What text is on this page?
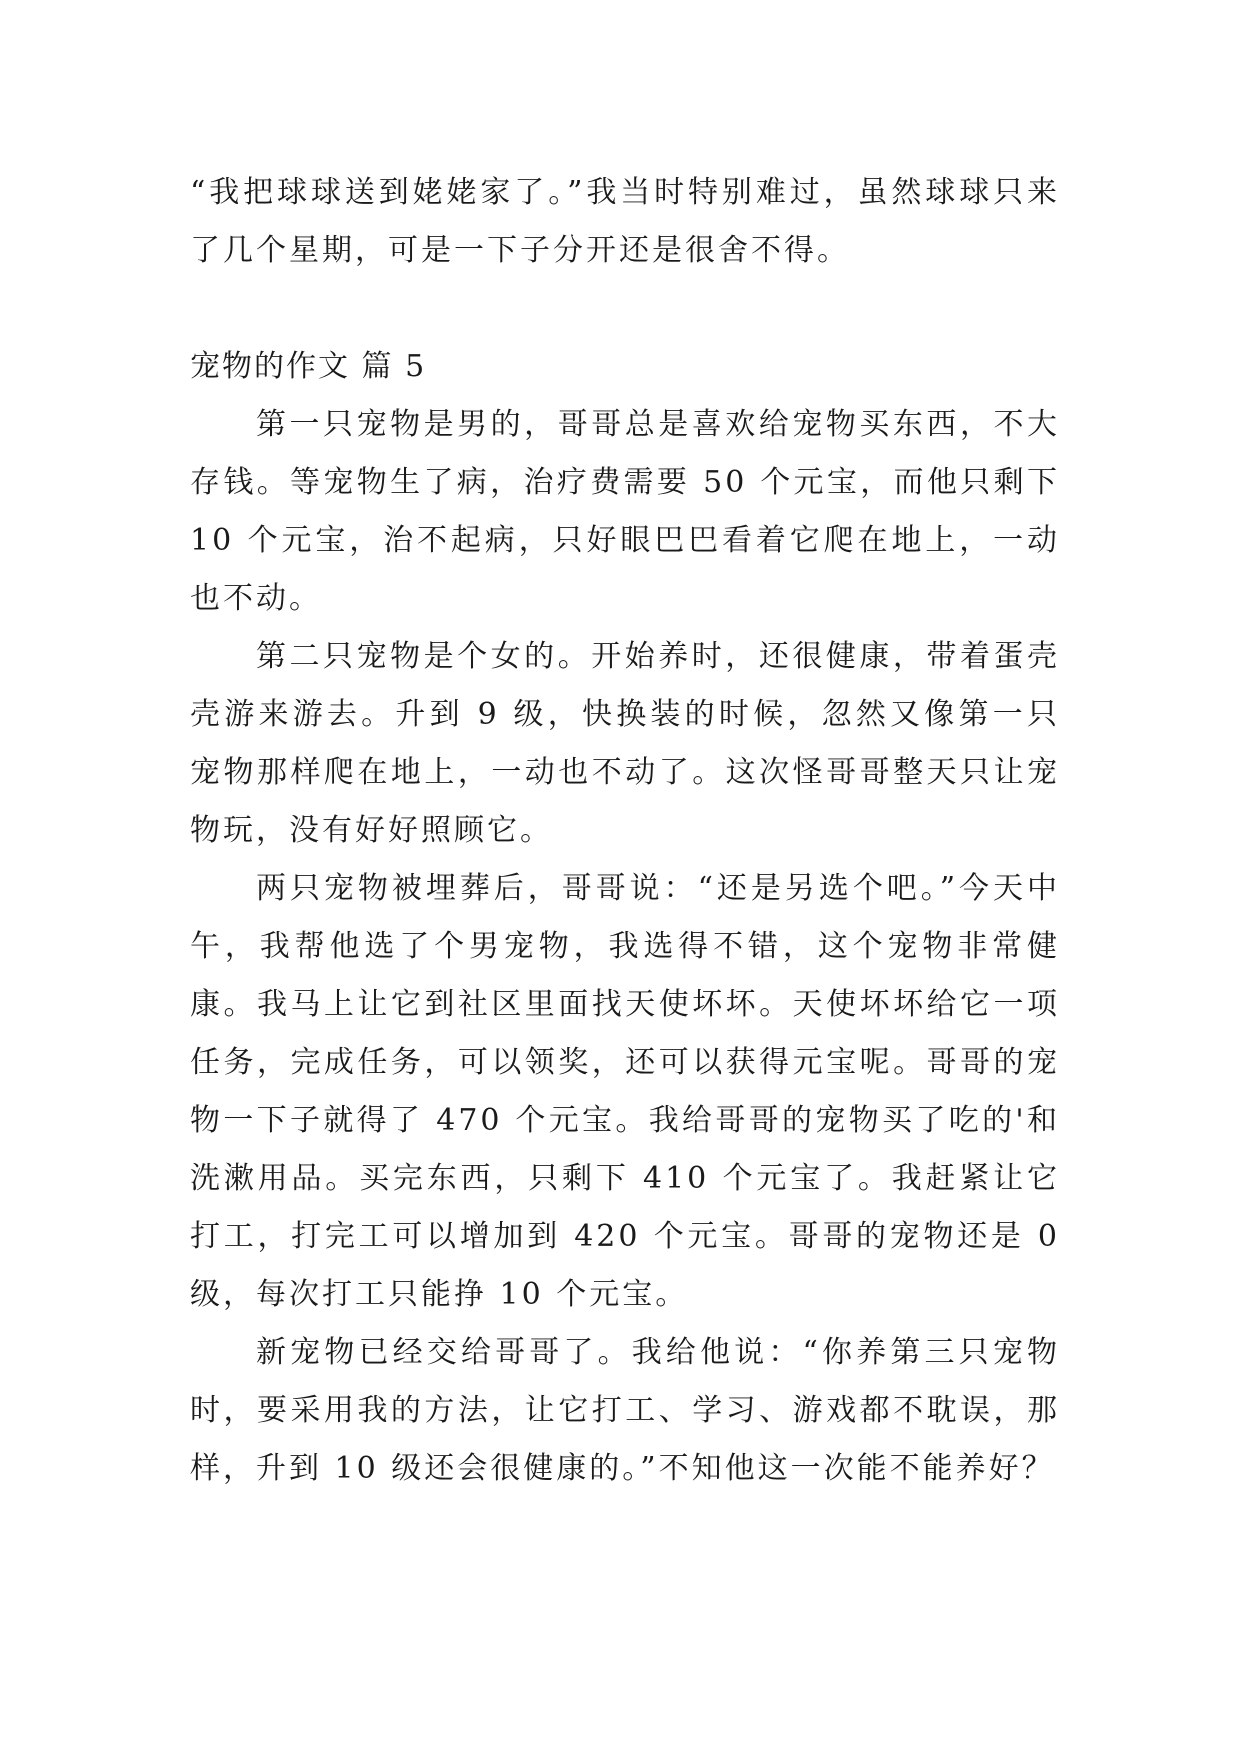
“我把球球送到姥姥家了。”我当时特别难过，虽然球球只来了几个星期，可是一下子分开还是很舍不得。

宠物的作文 篇 5

第一只宠物是男的，哥哥总是喜欢给宠物买东西，不大存钱。等宠物生了病，治疗费需要 50 个元宝，而他只剩下 10 个元宝，治不起病，只好眼巴巴看着它爬在地上，一动也不动。

第二只宠物是个女的。开始养时，还很健康，带着蛋壳壳游来游去。升到 9 级，快换装的时候，忽然又像第一只宠物那样爬在地上，一动也不动了。这次怪哥哥整天只让宠物玩，没有好好照顾它。

两只宠物被埋葬后，哥哥说：“还是另选个吧。”今天中午，我帮他选了个男宠物，我选得不错，这个宠物非常健康。我马上让它到社区里面找天使坏坏。天使坏坏给它一项任务，完成任务，可以领奖，还可以获得元宝呢。哥哥的宠物一下子就得了 470 个元宝。我给哥哥的宠物买了吃的'和洗漱用品。买完东西，只剩下 410 个元宝了。我赶紧让它打工，打完工可以增加到 420 个元宝。哥哥的宠物还是 0 级，每次打工只能挣 10 个元宝。

新宠物已经交给哥哥了。我给他说：“你养第三只宠物时，要采用我的方法，让它打工、学习、游戏都不耽误，那样，升到 10 级还会很健康的。”不知他这一次能不能养好？
